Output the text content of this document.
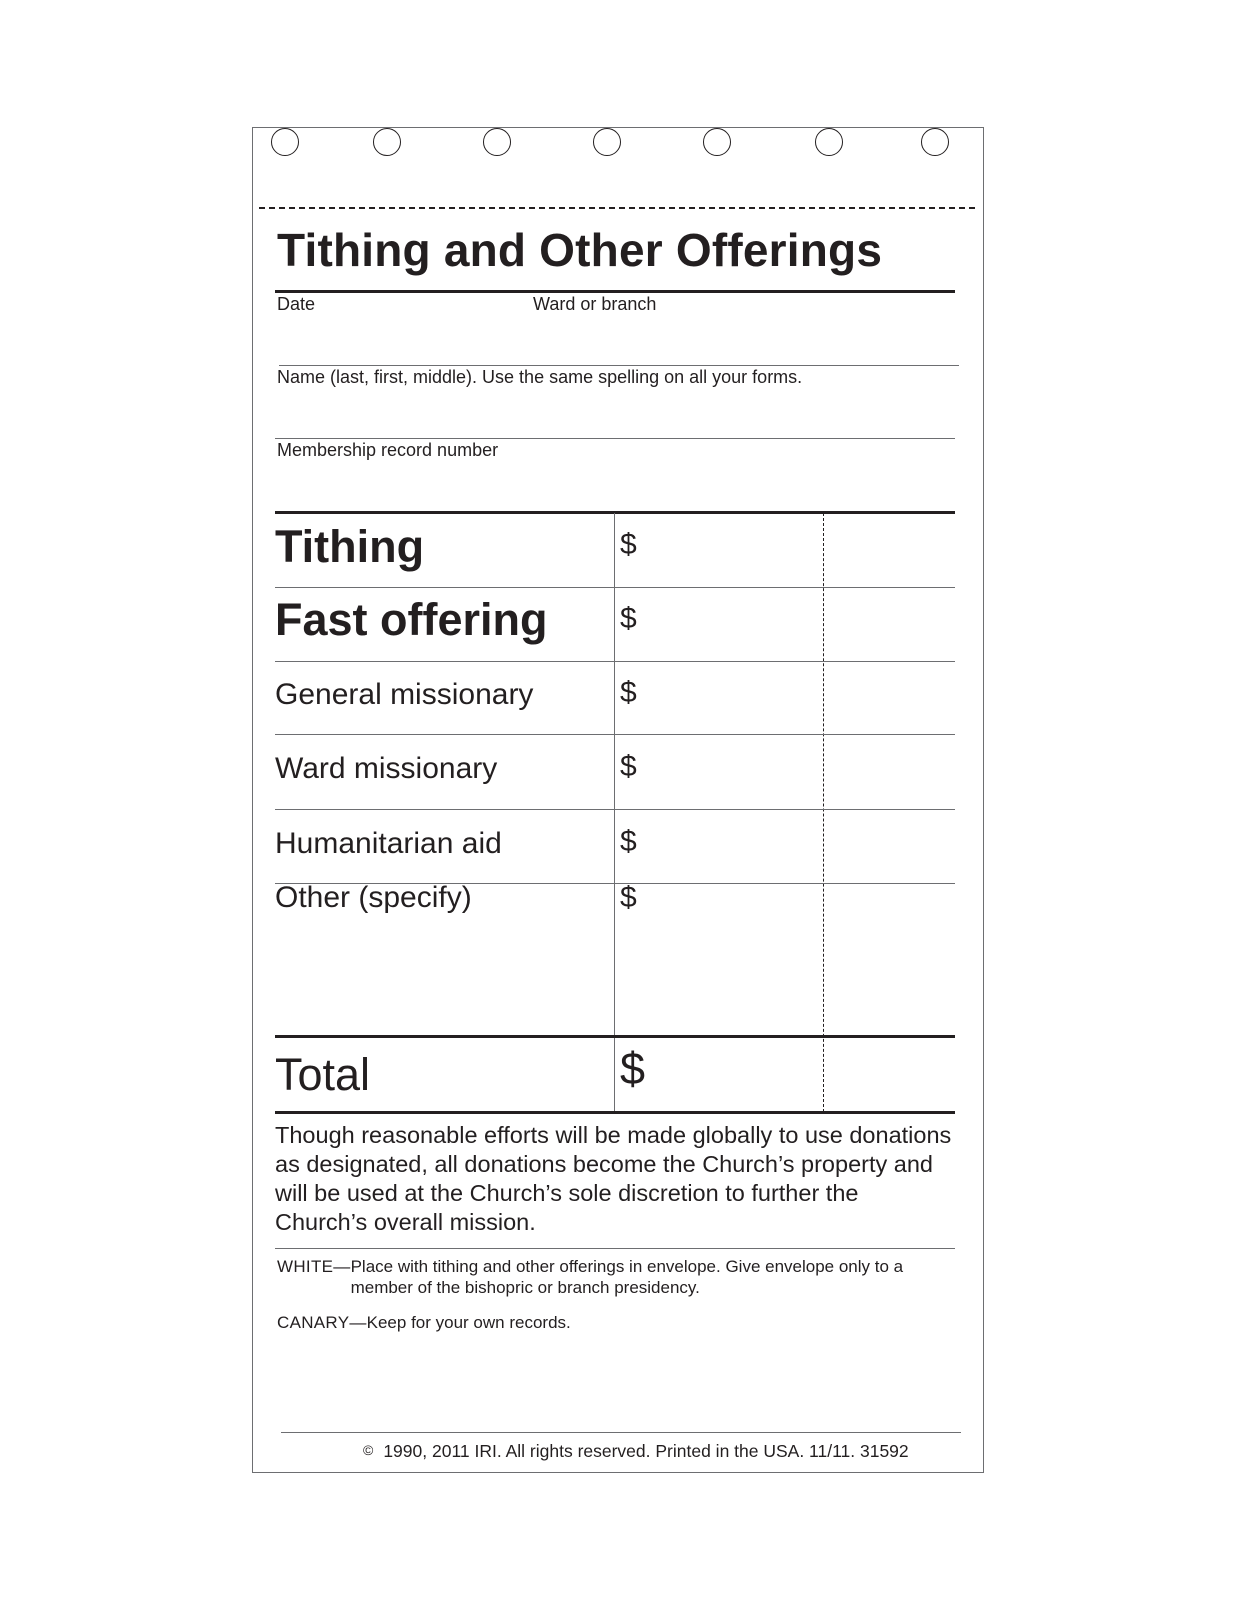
Tithing and Other Offerings
Date	Ward or branch
Name (last, first, middle). Use the same spelling on all your forms.
Membership record number
Tithing	$
Fast offering $
General missionary	$
Ward missionary	$
Humanitarian aid	$
Other (specify)	$
Total	$
Though reasonable efforts will be made globally to use donations as designated, all donations become the Church’s property and will be used at the Church’s sole discretion to further the Church’s overall mission.
WHITE— Place with tithing and other offerings in envelope. Give envelope only to a member of the bishopric or branch presidency.
CANARY—Keep for your own records.
© 1990, 2011 IRI. All rights reserved. Printed in the USA. 11/11. 31592
